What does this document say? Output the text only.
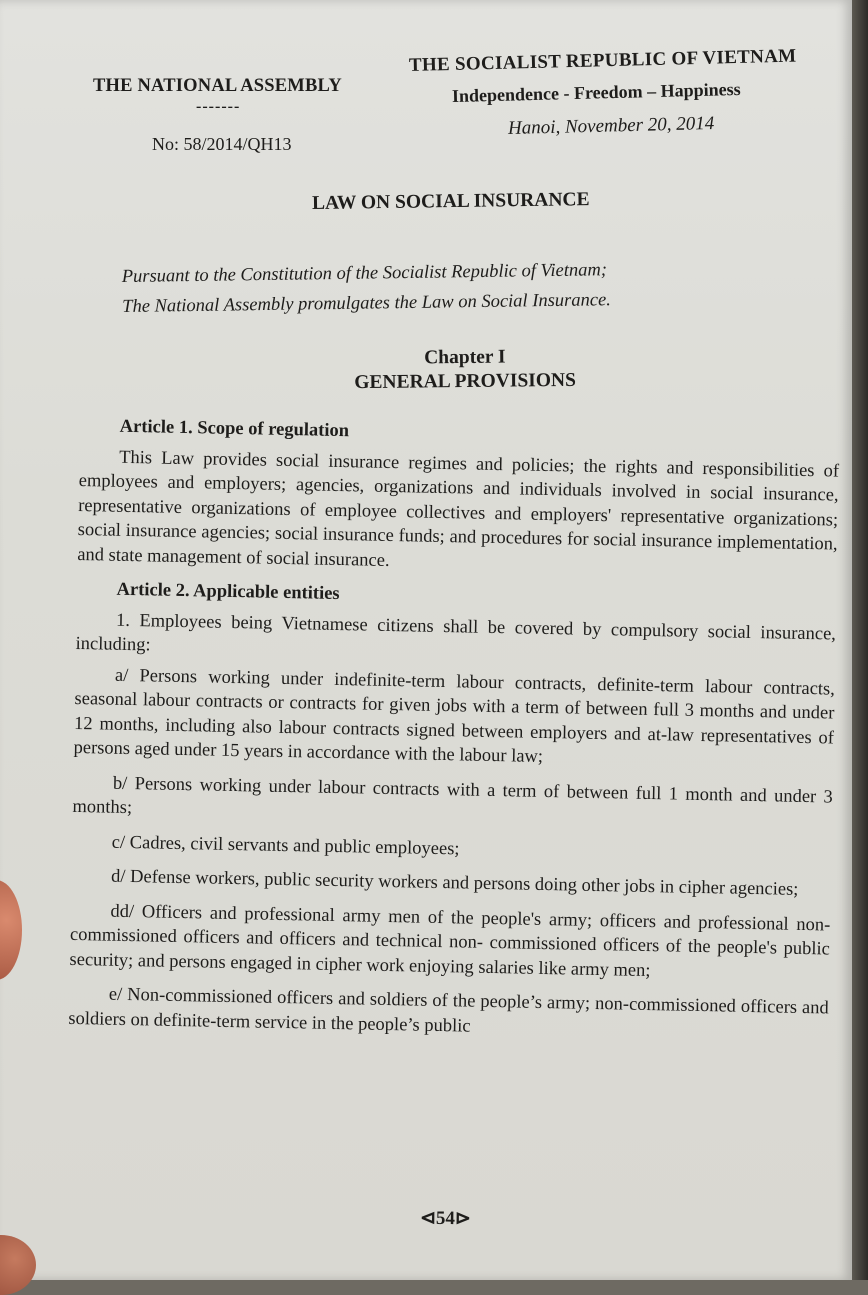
THE NATIONAL ASSEMBLY
-------
No: 58/2014/QH13
THE SOCIALIST REPUBLIC OF VIETNAM
Independence - Freedom – Happiness
Hanoi, November 20, 2014
LAW ON SOCIAL INSURANCE
Pursuant to the Constitution of the Socialist Republic of Vietnam;
The National Assembly promulgates the Law on Social Insurance.
Chapter I
GENERAL PROVISIONS
Article 1. Scope of regulation

This Law provides social insurance regimes and policies; the rights and responsibilities of employees and employers; agencies, organizations and individuals involved in social insurance, representative organizations of employee collectives and employers' representative organizations; social insurance agencies; social insurance funds; and procedures for social insurance implementation, and state management of social insurance.

Article 2. Applicable entities

1. Employees being Vietnamese citizens shall be covered by compulsory social insurance, including:

a/ Persons working under indefinite-term labour contracts, definite-term labour contracts, seasonal labour contracts or contracts for given jobs with a term of between full 3 months and under 12 months, including also labour contracts signed between employers and at-law representatives of persons aged under 15 years in accordance with the labour law;

b/ Persons working under labour contracts with a term of between full 1 month and under 3 months;

c/ Cadres, civil servants and public employees;

d/ Defense workers, public security workers and persons doing other jobs in cipher agencies;

dd/ Officers and professional army men of the people's army; officers and professional non-commissioned officers and officers and technical non- commissioned officers of the people's public security; and persons engaged in cipher work enjoying salaries like army men;

e/ Non-commissioned officers and soldiers of the people’s army; non-commissioned officers and soldiers on definite-term service in the people’s public

⊲54⊳
